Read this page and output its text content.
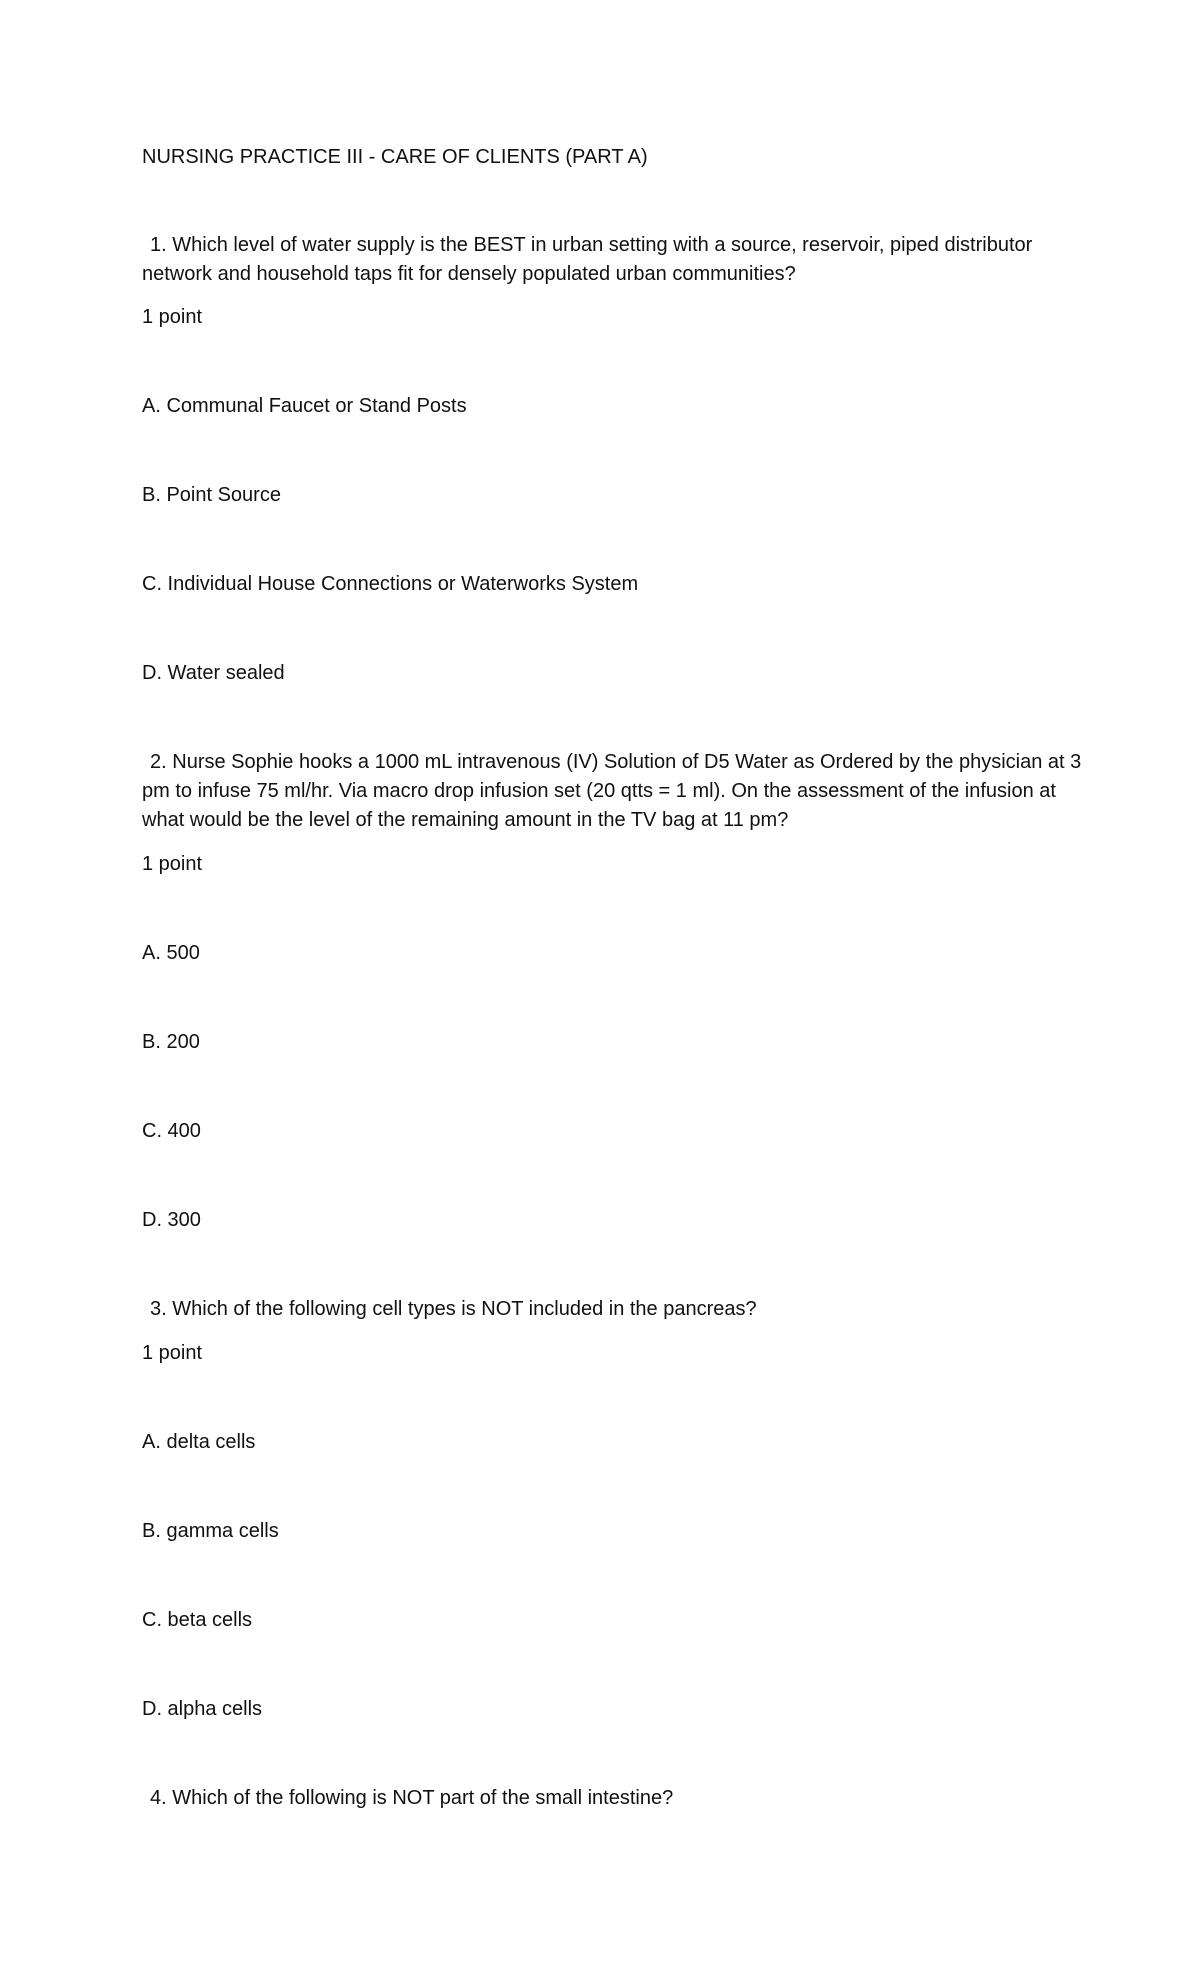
NURSING PRACTICE III - CARE OF CLIENTS (PART A)

1. Which level of water supply is the BEST in urban setting with a source, reservoir, piped distributor network and household taps fit for densely populated urban communities?

1 point

A. Communal Faucet or Stand Posts

B. Point Source

C. Individual House Connections or Waterworks System

D. Water sealed

2. Nurse Sophie hooks a 1000 mL intravenous (IV) Solution of D5 Water as Ordered by the physician at 3 pm to infuse 75 ml/hr. Via macro drop infusion set (20 qtts = 1 ml). On the assessment of the infusion at what would be the level of the remaining amount in the TV bag at 11 pm?

1 point

A. 500

B. 200

C. 400

D. 300

3. Which of the following cell types is NOT included in the pancreas?

1 point

A. delta cells

B. gamma cells

C. beta cells

D. alpha cells

4. Which of the following is NOT part of the small intestine?
